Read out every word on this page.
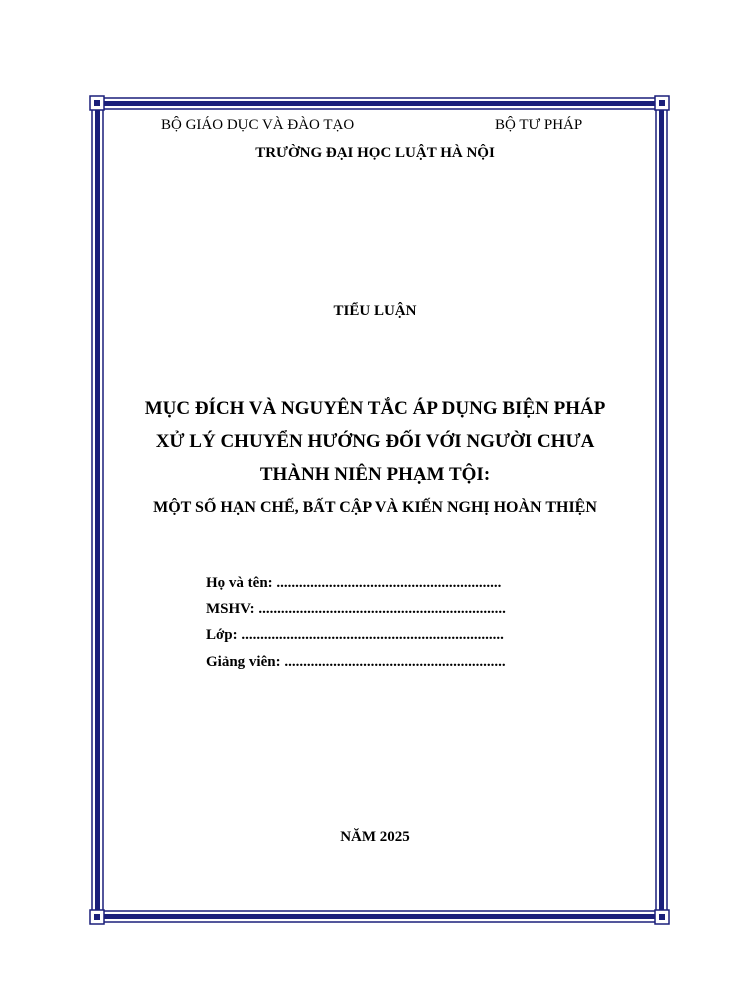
BỘ GIÁO DỤC VÀ ĐÀO TẠO	BỘ TƯ PHÁP
TRƯỜNG ĐẠI HỌC LUẬT HÀ NỘI
TIỂU LUẬN
MỤC ĐÍCH VÀ NGUYÊN TẮC ÁP DỤNG BIỆN PHÁP
XỬ LÝ CHUYỂN HƯỚNG ĐỐI VỚI NGƯỜI CHƯA
THÀNH NIÊN PHẠM TỘI:
MỘT SỐ HẠN CHẾ, BẤT CẬP VÀ KIẾN NGHỊ HOÀN THIỆN
Họ và tên: ............................................................
MSHV: ..................................................................
Lớp: ......................................................................
Giảng viên: ...........................................................
NĂM 2025
